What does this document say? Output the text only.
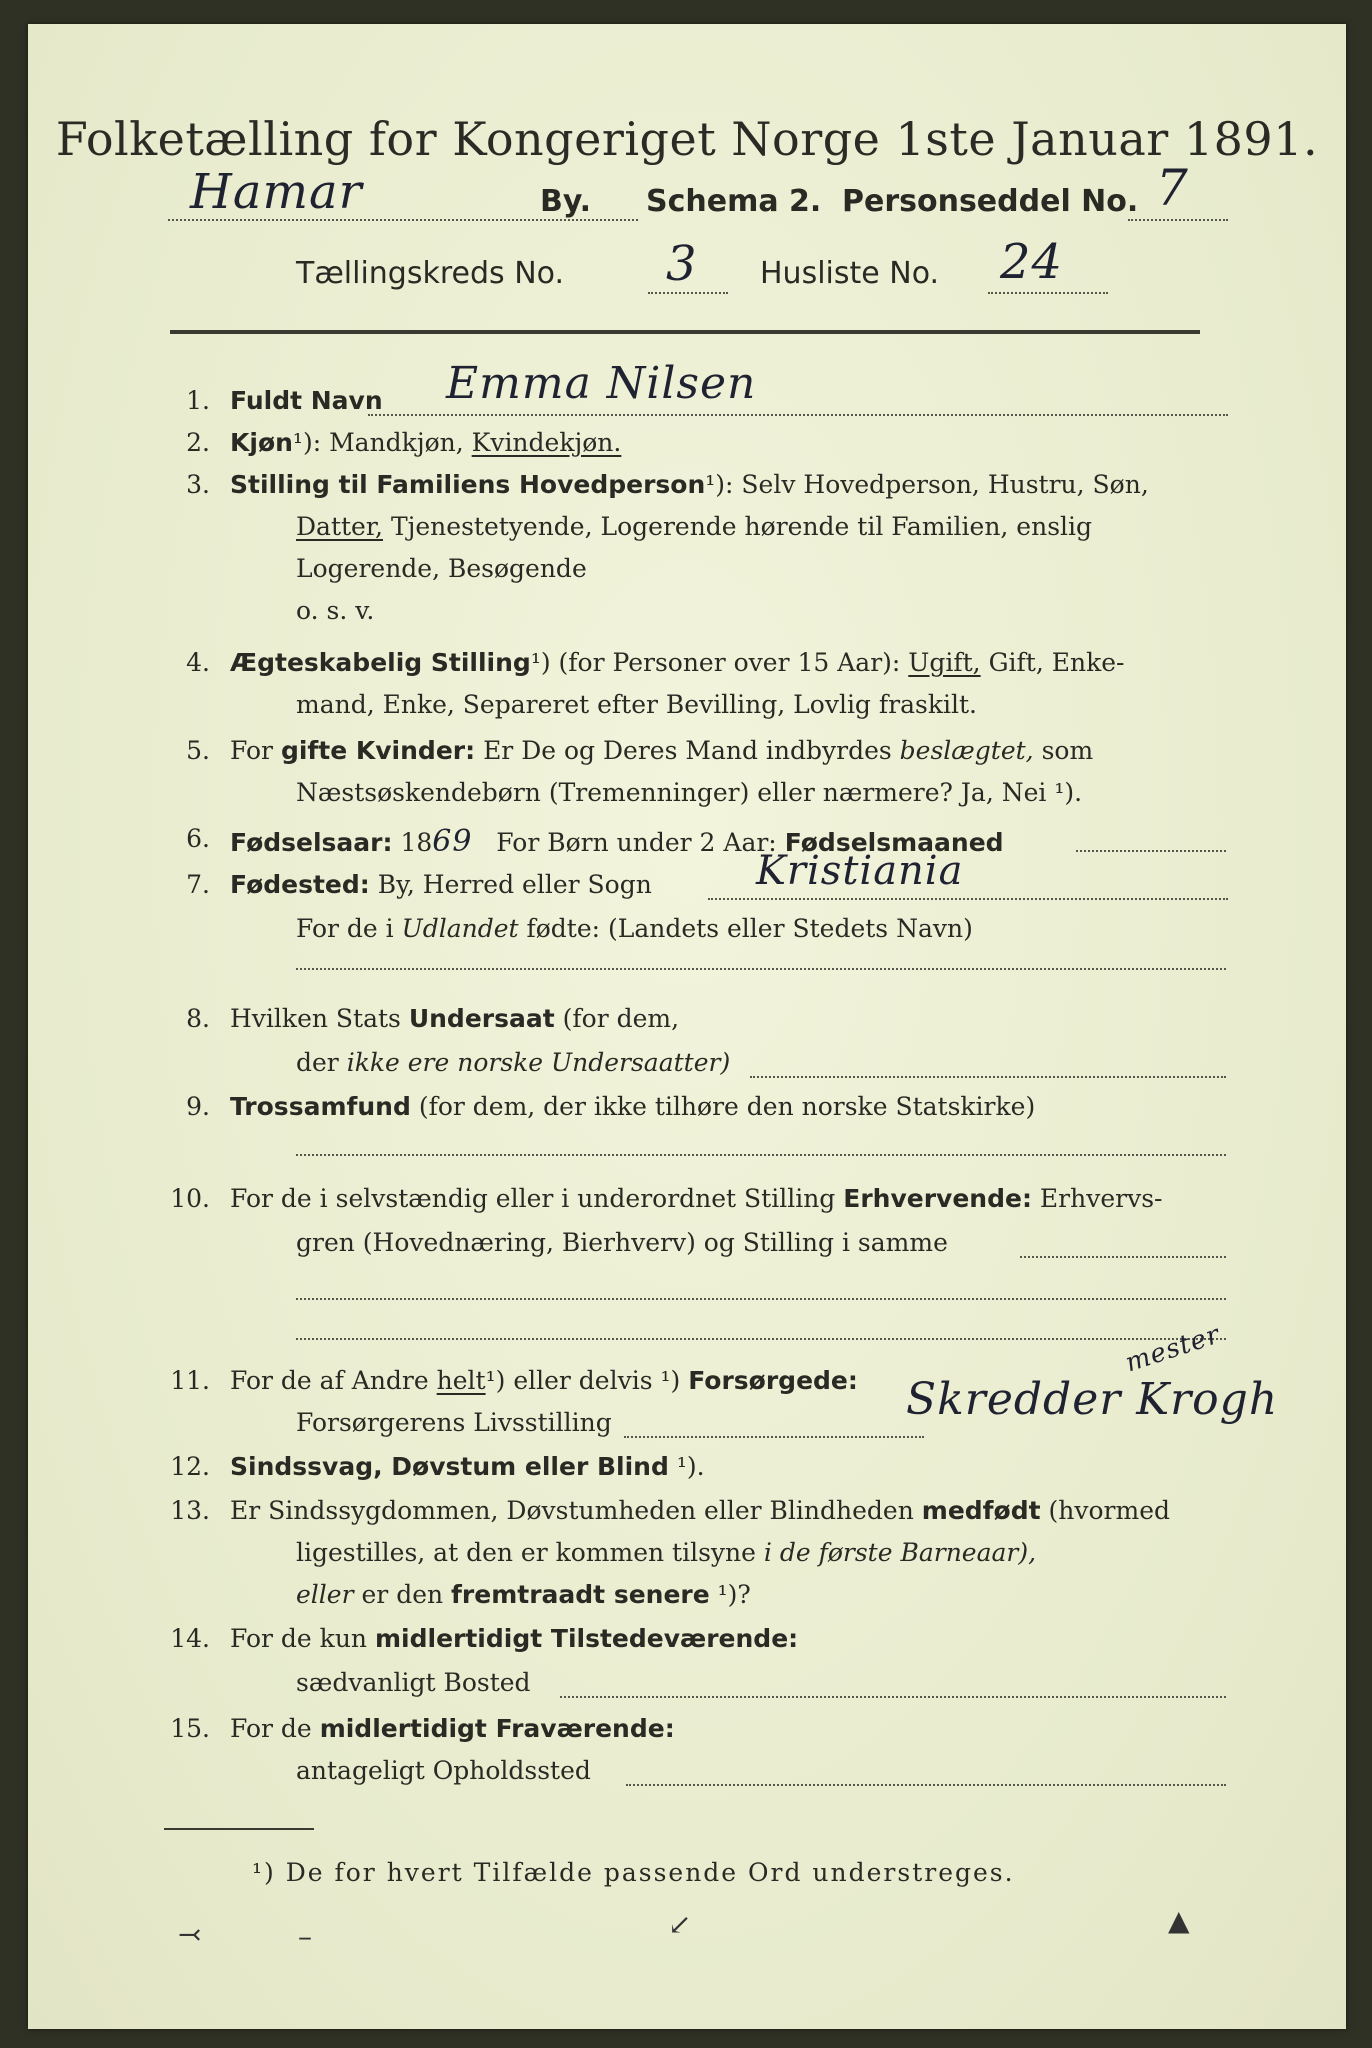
Folketælling for Kongeriget Norge 1ste Januar 1891.
Hamar	By. Schema 2. Personseddel No. 7
Tællingskreds No. 3 Husliste No. 24
1. Fuldt Navn Emma Nilsen
2. Kjøn¹): Mandkjøn, Kvindekjøn.
3. Stilling til Familiens Hovedperson¹): Selv Hovedperson, Hustru, Søn,
Datter, Tjenestetyende, Logerende hørende til Familien, enslig
Logerende, Besøgende
o. s. v.
4. Ægteskabelig Stilling¹) (for Personer over 15 Aar): Ugift, Gift, Enke-
mand, Enke, Separeret efter Bevilling, Lovlig fraskilt.
5. For gifte Kvinder: Er De og Deres Mand indbyrdes beslægtet, som
Næstsøskendebørn (Tremenninger) eller nærmere? Ja, Nei ¹).
6. Fødselsaar: 1869 For Børn under 2 Aar: Fødselsmaaned
7. Fødested: By, Herred eller Sogn	Kristiania
For de i Udlandet fødte: (Landets eller Stedets Navn)
8. Hvilken Stats Undersaat (for dem,
der ikke ere norske Undersaatter)
9. Trossamfund (for dem, der ikke tilhøre den norske Statskirke)
10. For de i selvstændig eller i underordnet Stilling Erhvervende: Erhvervs-
gren (Hovednæring, Bierhverv) og Stilling i samme
11. For de af Andre helt¹) eller delvis ¹) Forsørgede:
Forsørgerens Livsstilling	Skredder Krogh
mester
12. Sindssvag, Døvstum eller Blind ¹).
13. Er Sindssygdommen, Døvstumheden eller Blindheden medfødt (hvormed
ligestilles, at den er kommen tilsyne i de første Barneaar),
eller er den fremtraadt senere ¹)?
14. For de kun midlertidigt Tilstedeværende:
sædvanligt Bosted
15. For de midlertidigt Fraværende:
antageligt Opholdssted
¹) De for hvert Tilfælde passende Ord understreges.
⤙	–	↙	▲
